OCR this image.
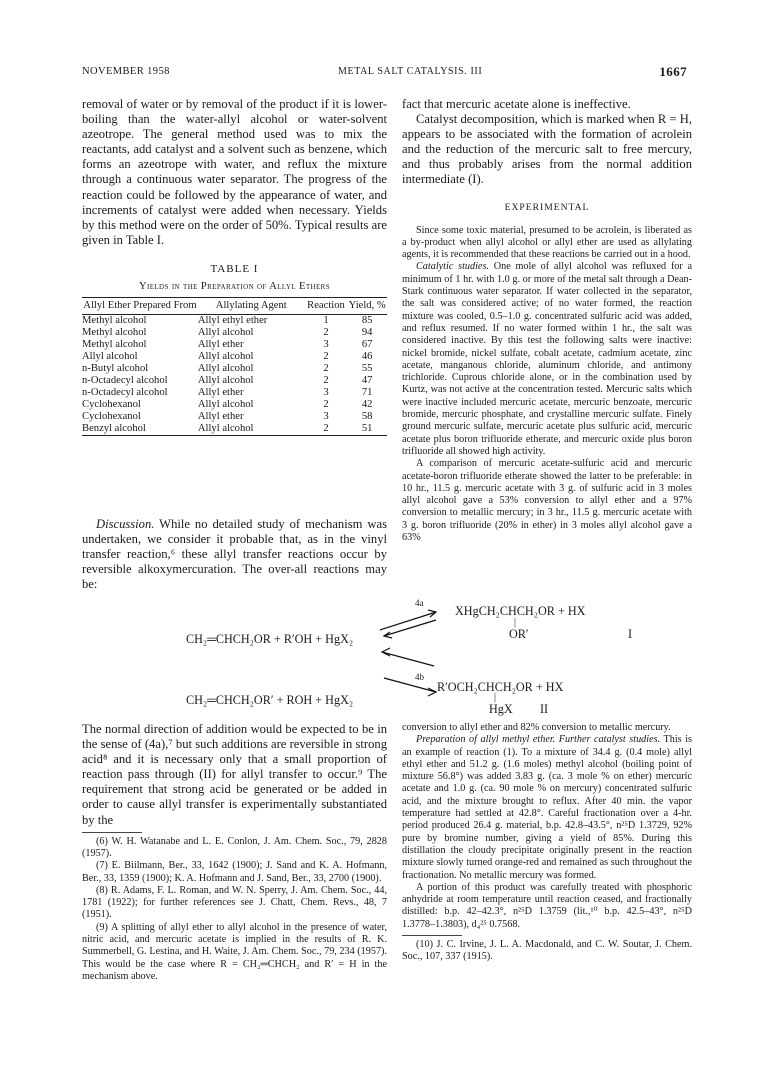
NOVEMBER 1958	METAL SALT CATALYSIS. III	1667

removal of water or by removal of the product if it is lower-boiling than the water-allyl alcohol or water-solvent azeotrope. The general method used was to mix the reactants, add catalyst and a solvent such as benzene, which forms an azeotrope with water, and reflux the mixture through a continuous water separator. The progress of the reaction could be followed by the appearance of water, and increments of catalyst were added when necessary. Yields by this method were on the order of 50%. Typical results are given in Table I.

TABLE I
Yields in the Preparation of Allyl Ethers
Allyl Ether Prepared From	Allylating Agent	Reaction	Yield, %

Methyl alcohol	Allyl ethyl ether	1	85
Methyl alcohol	Allyl alcohol	2	94
Methyl alcohol	Allyl ether	3	67
Allyl alcohol	Allyl alcohol	2	46
n-Butyl alcohol	Allyl alcohol	2	55
n-Octadecyl alcohol	Allyl alcohol	2	47
n-Octadecyl alcohol	Allyl ether	3	71
Cyclohexanol	Allyl alcohol	2	42
Cyclohexanol	Allyl ether	3	58
Benzyl alcohol	Allyl alcohol	2	51

Discussion. While no detailed study of mechanism was undertaken, we consider it probable that, as in the vinyl transfer reaction,⁶ these allyl transfer reactions occur by reversible alkoxymercuration. The over-all reactions may be:

CH₂═CHCH₂OR + R′OH + HgX₂
CH₂═CHCH₂OR′ + ROH + HgX₂
4a
4b
XHgCH₂CHCH₂OR + HX
|
OR′	I
R′OCH₂CHCH₂OR + HX
|
HgX II

The normal direction of addition would be expected to be in the sense of (4a),⁷ but such additions are reversible in strong acid⁸ and it is necessary only that a small proportion of reaction pass through (II) for allyl transfer to occur.⁹ The requirement that strong acid be generated or be added in order to cause allyl transfer is experimentally substantiated by the

(6) W. H. Watanabe and L. E. Conlon, J. Am. Chem. Soc., 79, 2828 (1957).

(7) E. Biilmann, Ber., 33, 1642 (1900); J. Sand and K. A. Hofmann, Ber., 33, 1359 (1900); K. A. Hofmann and J. Sand, Ber., 33, 2700 (1900).

(8) R. Adams, F. L. Roman, and W. N. Sperry, J. Am. Chem. Soc., 44, 1781 (1922); for further references see J. Chatt, Chem. Revs., 48, 7 (1951).

(9) A splitting of allyl ether to allyl alcohol in the presence of water, nitric acid, and mercuric acetate is implied in the results of R. K. Summerbell, G. Lestina, and H. Waite, J. Am. Chem. Soc., 79, 234 (1957). This would be the case where R = CH₂═CHCH₂ and R′ = H in the mechanism above.

fact that mercuric acetate alone is ineffective.

Catalyst decomposition, which is marked when R = H, appears to be associated with the formation of acrolein and the reduction of the mercuric salt to free mercury, and thus probably arises from the normal addition intermediate (I).

EXPERIMENTAL

Since some toxic material, presumed to be acrolein, is liberated as a by-product when allyl alcohol or allyl ether are used as allylating agents, it is recommended that these reactions be carried out in a hood.

Catalytic studies. One mole of allyl alcohol was refluxed for a minimum of 1 hr. with 1.0 g. or more of the metal salt through a Dean-Stark continuous water separator. If water collected in the separator, the salt was considered active; of no water formed, the reaction mixture was cooled, 0.5–1.0 g. concentrated sulfuric acid was added, and reflux resumed. If no water formed within 1 hr., the salt was considered inactive. By this test the following salts were inactive: nickel bromide, nickel sulfate, cobalt acetate, cadmium acetate, zinc acetate, manganous chloride, aluminum chloride, and antimony trichloride. Cuprous chloride alone, or in the combination used by Kurtz, was not active at the concentration tested. Mercuric salts which were inactive included mercuric acetate, mercuric benzoate, mercuric bromide, mercuric phosphate, and crystalline mercuric sulfate. Finely ground mercuric sulfate, mercuric acetate plus sulfuric acid, mercuric acetate plus boron trifluoride etherate, and mercuric oxide plus boron trifluoride all showed high activity.

A comparison of mercuric acetate-sulfuric acid and mercuric acetate-boron trifluoride etherate showed the latter to be preferable: in 10 hr., 11.5 g. mercuric acetate with 3 g. of sulfuric acid in 3 moles allyl alcohol gave a 53% conversion to allyl ether and a 97% conversion to metallic mercury; in 3 hr., 11.5 g. mercuric acetate with 3 g. boron trifluoride (20% in ether) in 3 moles allyl alcohol gave a 63%

conversion to allyl ether and 82% conversion to metallic mercury.

Preparation of allyl methyl ether. Further catalyst studies. This is an example of reaction (1). To a mixture of 34.4 g. (0.4 mole) allyl ethyl ether and 51.2 g. (1.6 moles) methyl alcohol (boiling point of mixture 56.8°) was added 3.83 g. (ca. 3 mole % on ether) mercuric acetate and 1.0 g. (ca. 90 mole % on mercury) concentrated sulfuric acid, and the mixture brought to reflux. After 40 min. the vapor temperature had settled at 42.8°. Careful fractionation over a 4-hr. period produced 26.4 g. material, b.p. 42.8–43.5°, n²⁵D 1.3729, 92% pure by bromine number, giving a yield of 85%. During this distillation the cloudy precipitate originally present in the reaction mixture slowly turned orange-red and remained as such throughout the fractionation. No metallic mercury was formed.

A portion of this product was carefully treated with phosphoric anhydride at room temperature until reaction ceased, and fractionally distilled: b.p. 42–42.3°, n²⁵D 1.3759 (lit.,¹⁰ b.p. 42.5–43°, n²⁵D 1.3778–1.3803), d₄²⁵ 0.7568.

(10) J. C. Irvine, J. L. A. Macdonald, and C. W. Soutar, J. Chem. Soc., 107, 337 (1915).
